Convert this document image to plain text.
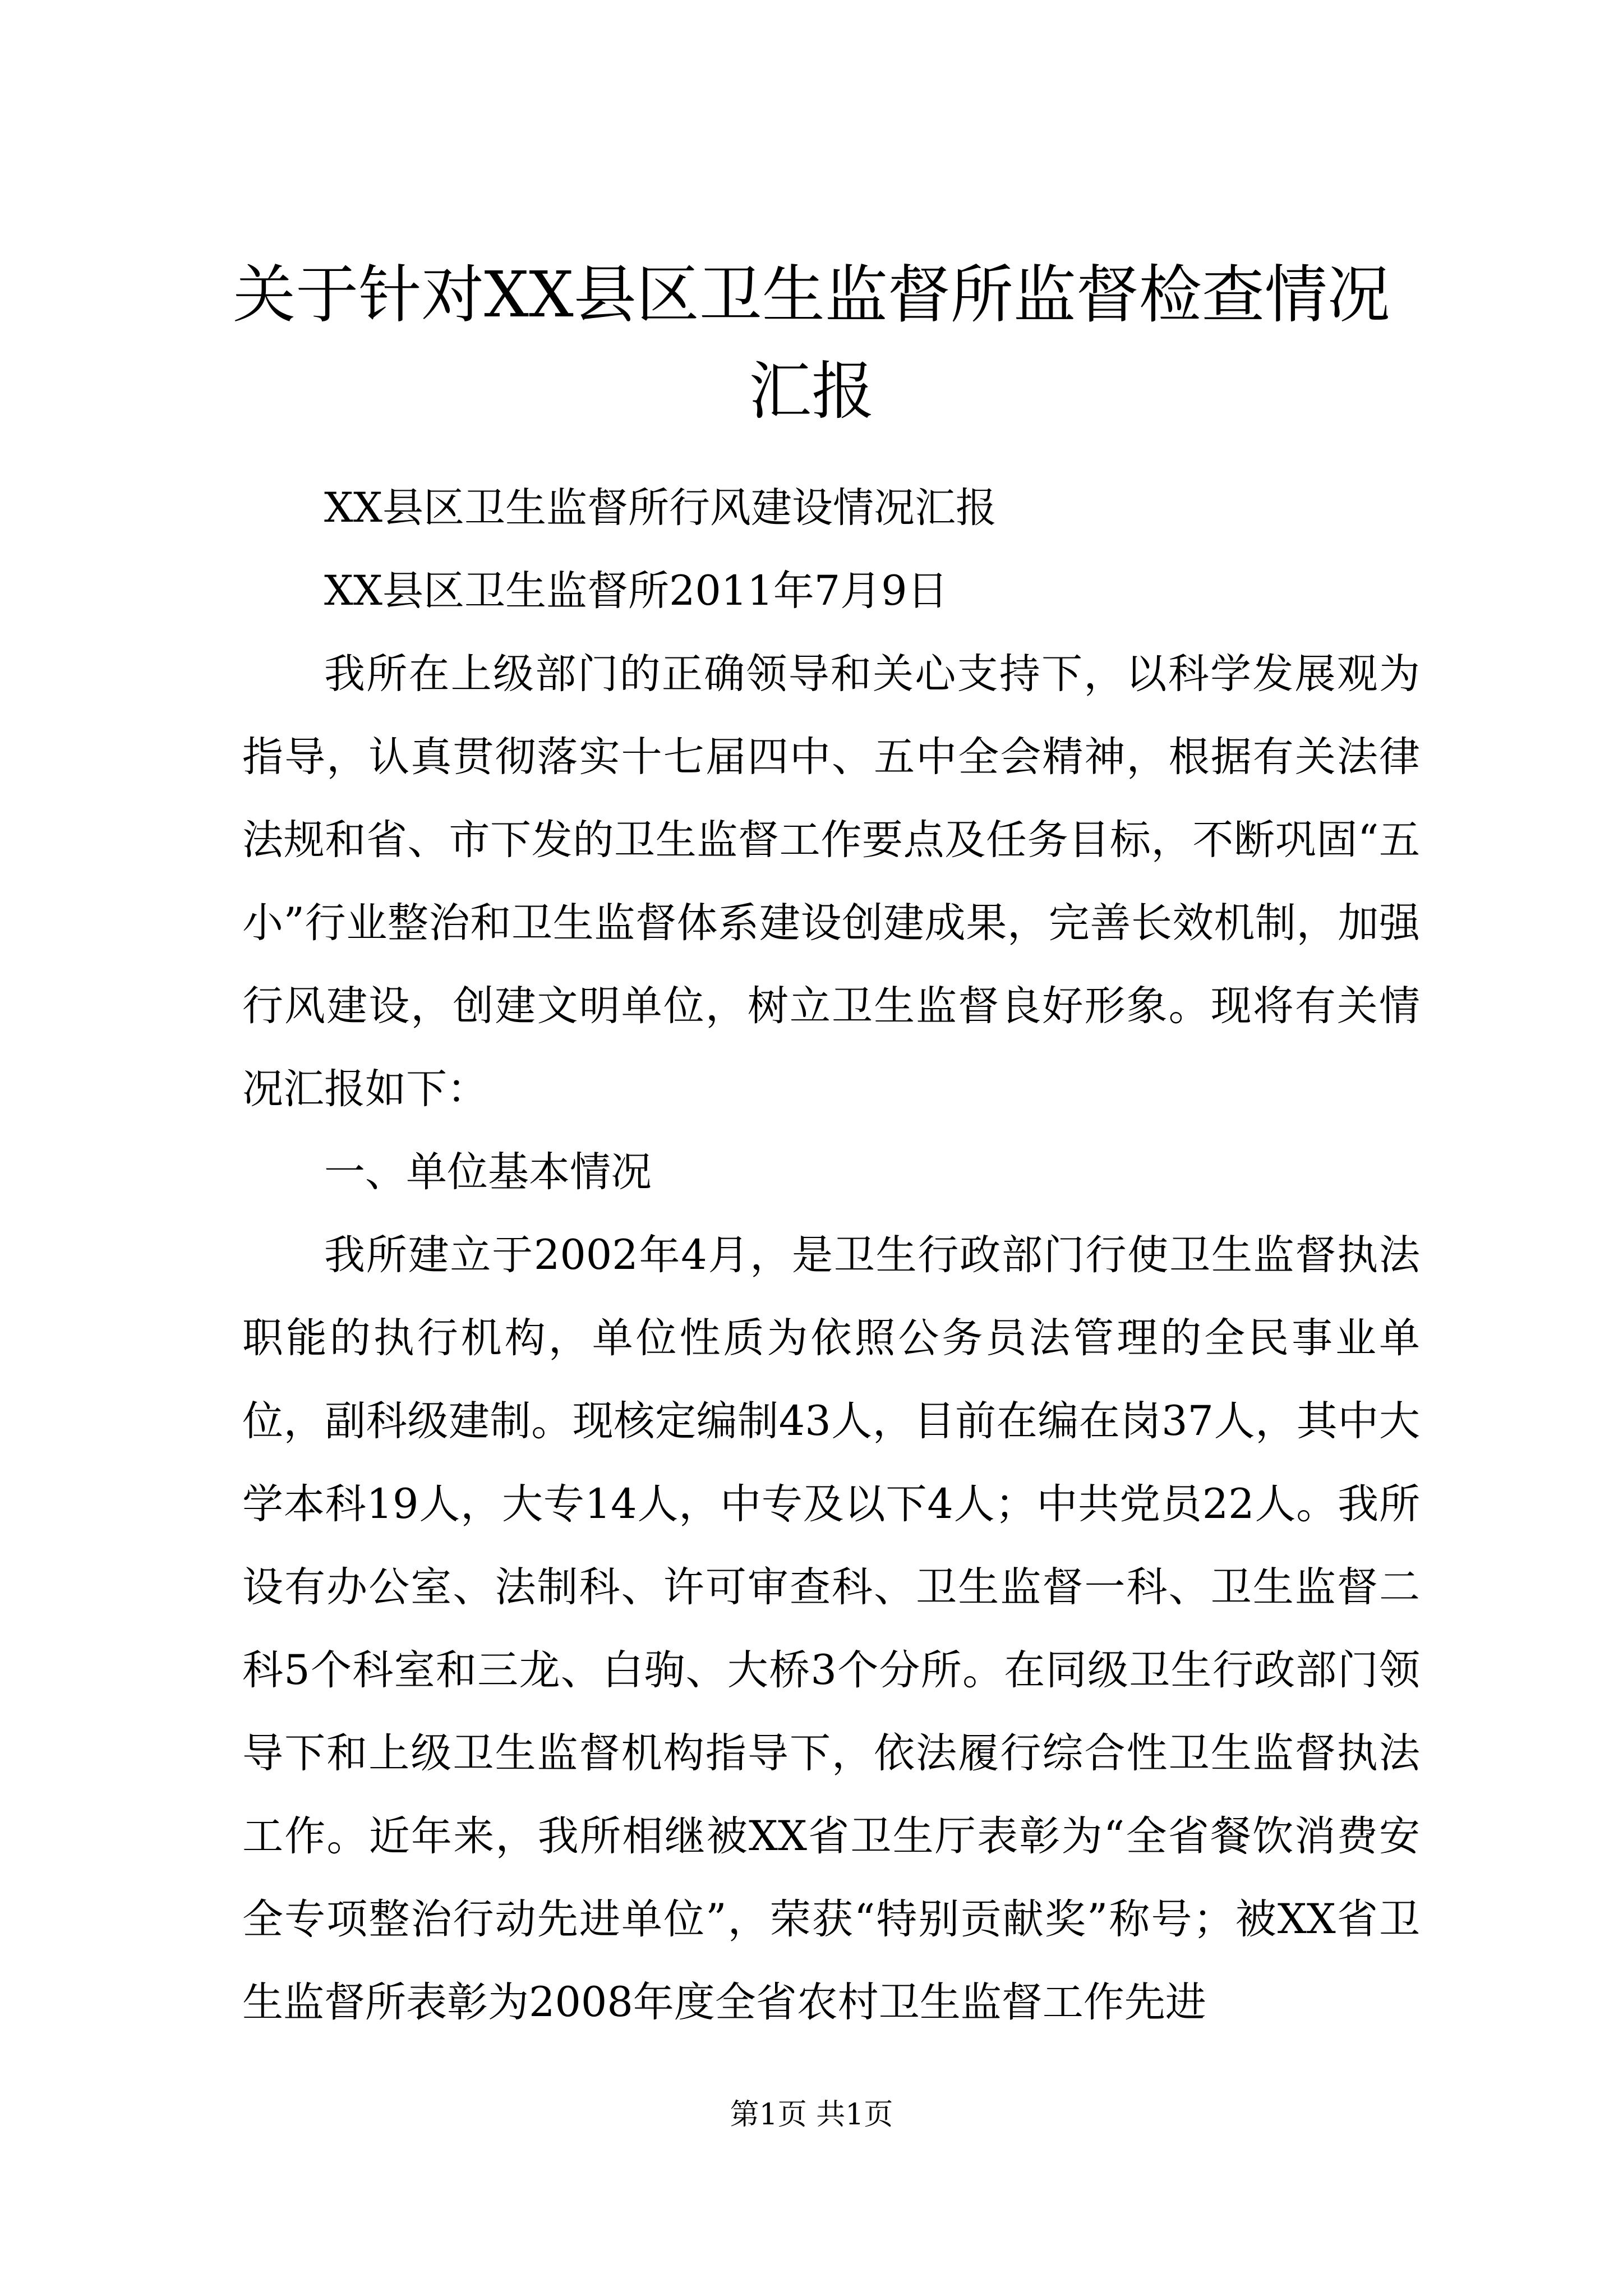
关于针对XX县区卫生监督所监督检查情况汇报

XX县区卫生监督所行风建设情况汇报

XX县区卫生监督所2011年7月9日

我所在上级部门的正确领导和关心支持下，以科学发展观为指导，认真贯彻落实十七届四中、五中全会精神，根据有关法律法规和省、市下发的卫生监督工作要点及任务目标，不断巩固“五小”行业整治和卫生监督体系建设创建成果，完善长效机制，加强行风建设，创建文明单位，树立卫生监督良好形象。现将有关情况汇报如下：

一、单位基本情况

我所建立于2002年4月，是卫生行政部门行使卫生监督执法职能的执行机构，单位性质为依照公务员法管理的全民事业单位，副科级建制。现核定编制43人，目前在编在岗37人，其中大学本科19人，大专14人，中专及以下4人；中共党员22人。我所设有办公室、法制科、许可审查科、卫生监督一科、卫生监督二科5个科室和三龙、白驹、大桥3个分所。在同级卫生行政部门领导下和上级卫生监督机构指导下，依法履行综合性卫生监督执法工作。近年来，我所相继被XX省卫生厅表彰为“全省餐饮消费安全专项整治行动先进单位”，荣获“特别贡献奖”称号；被XX省卫生监督所表彰为2008年度全省农村卫生监督工作先进

第1页 共1页
